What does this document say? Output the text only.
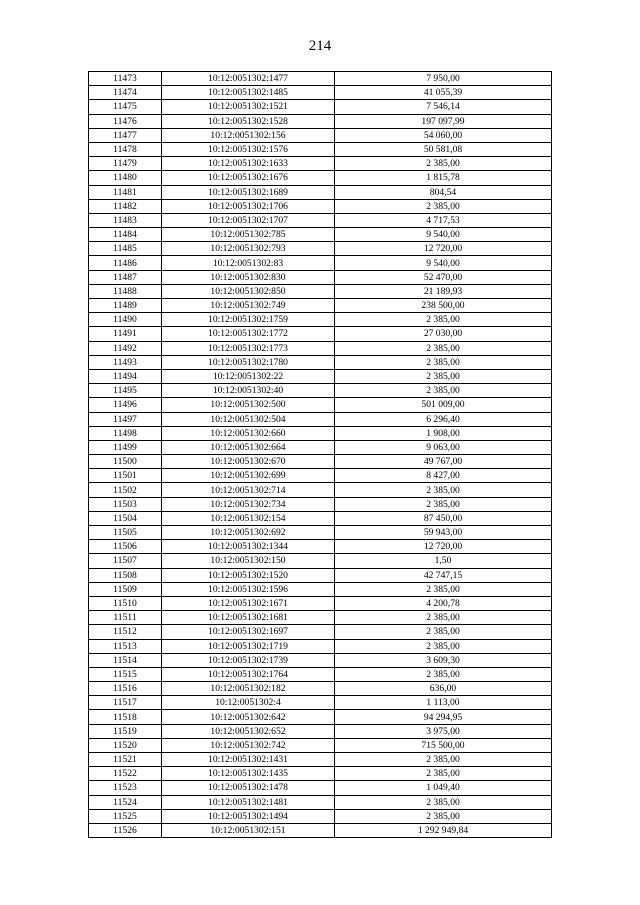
214
11473	10:12:0051302:1477	7 950,00
11474	10:12:0051302:1485	41 055,39
11475	10:12:0051302:1521	7 546,14
11476	10:12:0051302:1528	197 097,99
11477	10:12:0051302:156	54 060,00
11478	10:12:0051302:1576	50 581,08
11479	10:12:0051302:1633	2 385,00
11480	10:12:0051302:1676	1 815,78
11481	10:12:0051302:1689	804,54
11482	10:12:0051302:1706	2 385,00
11483	10:12:0051302:1707	4 717,53
11484	10:12:0051302:785	9 540,00
11485	10:12:0051302:793	12 720,00
11486	10:12:0051302:83	9 540,00
11487	10:12:0051302:830	52 470,00
11488	10:12:0051302:850	21 189,93
11489	10:12:0051302:749	238 500,00
11490	10:12:0051302:1759	2 385,00
11491	10:12:0051302:1772	27 030,00
11492	10:12:0051302:1773	2 385,00
11493	10:12:0051302:1780	2 385,00
11494	10:12:0051302:22	2 385,00
11495	10:12:0051302:40	2 385,00
11496	10:12:0051302:500	501 009,00
11497	10:12:0051302:504	6 296,40
11498	10:12:0051302:660	1 908,00
11499	10:12:0051302:664	9 063,00
11500	10:12:0051302:670	49 767,00
11501	10:12:0051302:699	8 427,00
11502	10:12:0051302:714	2 385,00
11503	10:12:0051302:734	2 385,00
11504	10:12:0051302:154	87 450,00
11505	10:12:0051302:692	59 943,00
11506	10:12:0051302:1344	12 720,00
11507	10:12:0051302:150	1,50
11508	10:12:0051302:1520	42 747,15
11509	10:12:0051302:1596	2 385,00
11510	10:12:0051302:1671	4 200,78
11511	10:12:0051302:1681	2 385,00
11512	10:12:0051302:1697	2 385,00
11513	10:12:0051302:1719	2 385,00
11514	10:12:0051302:1739	3 609,30
11515	10:12:0051302:1764	2 385,00
11516	10:12:0051302:182	636,00
11517	10:12:0051302:4	1 113,00
11518	10:12:0051302:642	94 294,95
11519	10:12:0051302:652	3 975,00
11520	10:12:0051302:742	715 500,00
11521	10:12:0051302:1431	2 385,00
11522	10:12:0051302:1435	2 385,00
11523	10:12:0051302:1478	1 049,40
11524	10:12:0051302:1481	2 385,00
11525	10:12:0051302:1494	2 385,00
11526	10:12:0051302:151	1 292 949,84
